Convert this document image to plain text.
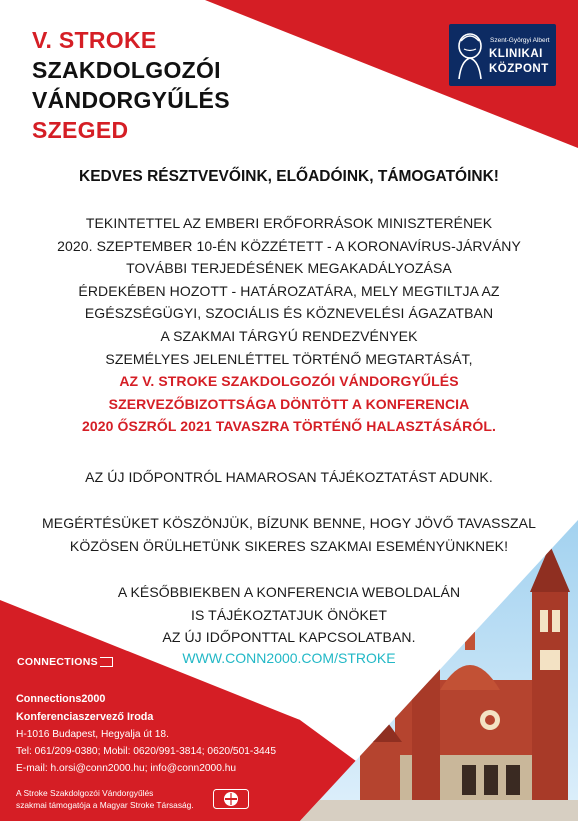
V. STROKE
SZAKDOLGOZÓI
VÁNDORGYŰLÉS
SZEGED
Szent-Györgyi Albert
KLINIKAI
KÖZPONT
KEDVES RÉSZTVEVŐINK, ELŐADÓINK, TÁMOGATÓINK!
TEKINTETTEL AZ EMBERI ERŐFORRÁSOK MINISZTERÉNEK
2020. SZEPTEMBER 10-ÉN KÖZZÉTETT - A KORONAVÍRUS-JÁRVÁNY
TOVÁBBI TERJEDÉSÉNEK MEGAKADÁLYOZÁSA
ÉRDEKÉBEN HOZOTT - HATÁROZATÁRA, MELY MEGTILTJA AZ
EGÉSZSÉGÜGYI, SZOCIÁLIS ÉS KÖZNEVELÉSI ÁGAZATBAN
A SZAKMAI TÁRGYÚ RENDEZVÉNYEK
SZEMÉLYES JELENLÉTTEL TÖRTÉNŐ MEGTARTÁSÁT,
AZ V. STROKE SZAKDOLGOZÓI VÁNDORGYŰLÉS
SZERVEZŐBIZOTTSÁGA DÖNTÖTT A KONFERENCIA
2020 ŐSZRŐL 2021 TAVASZRA TÖRTÉNŐ HALASZTÁSÁRÓL.
AZ ÚJ IDŐPONTRÓL HAMAROSAN TÁJÉKOZTATÁST ADUNK.
MEGÉRTÉSÜKET KÖSZÖNJÜK, BÍZUNK BENNE, HOGY JÖVŐ TAVASSZAL
KÖZÖSEN ÖRÜLHETÜNK SIKERES SZAKMAI ESEMÉNYÜNKNEK!
A KÉSŐBBIEKBEN A KONFERENCIA WEBOLDALÁN
IS TÁJÉKOZTATJUK ÖNÖKET
AZ ÚJ IDŐPONTTAL KAPCSOLATBAN.
WWW.CONN2000.COM/STROKE
CONNECTIONS
Connections2000
Konferenciaszervező Iroda
H-1016 Budapest, Hegyalja út 18.
Tel: 061/209-0380; Mobil: 0620/991-3814; 0620/501-3445
E-mail: h.orsi@conn2000.hu; info@conn2000.hu
A Stroke Szakdolgozói Vándorgyűlés
szakmai támogatója a Magyar Stroke Társaság.
